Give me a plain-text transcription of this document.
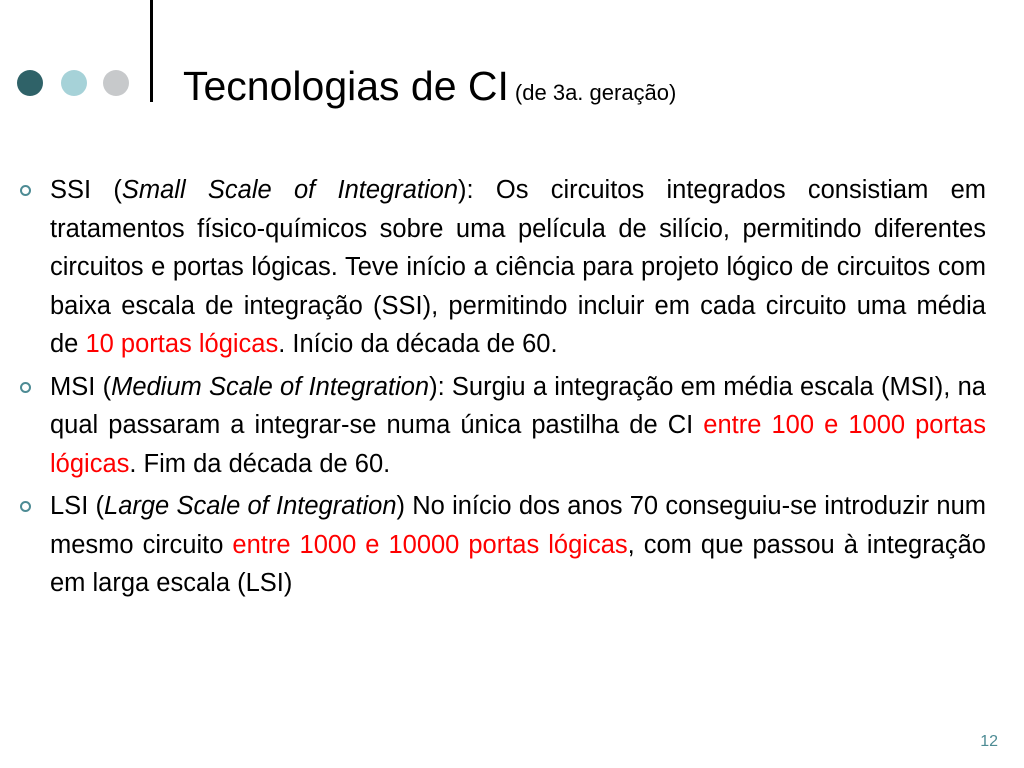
Tecnologias de CI (de 3a. geração)
SSI (Small Scale of Integration): Os circuitos integrados consistiam em tratamentos físico-químicos sobre uma película de silício, permitindo diferentes circuitos e portas lógicas. Teve início a ciência para projeto lógico de circuitos com baixa escala de integração (SSI), permitindo incluir em cada circuito uma média de 10 portas lógicas. Início da década de 60.
MSI (Medium Scale of Integration): Surgiu a integração em média escala (MSI), na qual passaram a integrar-se numa única pastilha de CI entre 100 e 1000 portas lógicas. Fim da década de 60.
LSI (Large Scale of Integration) No início dos anos 70 conseguiu-se introduzir num mesmo circuito entre 1000 e 10000 portas lógicas, com que passou à integração em larga escala (LSI)
12
